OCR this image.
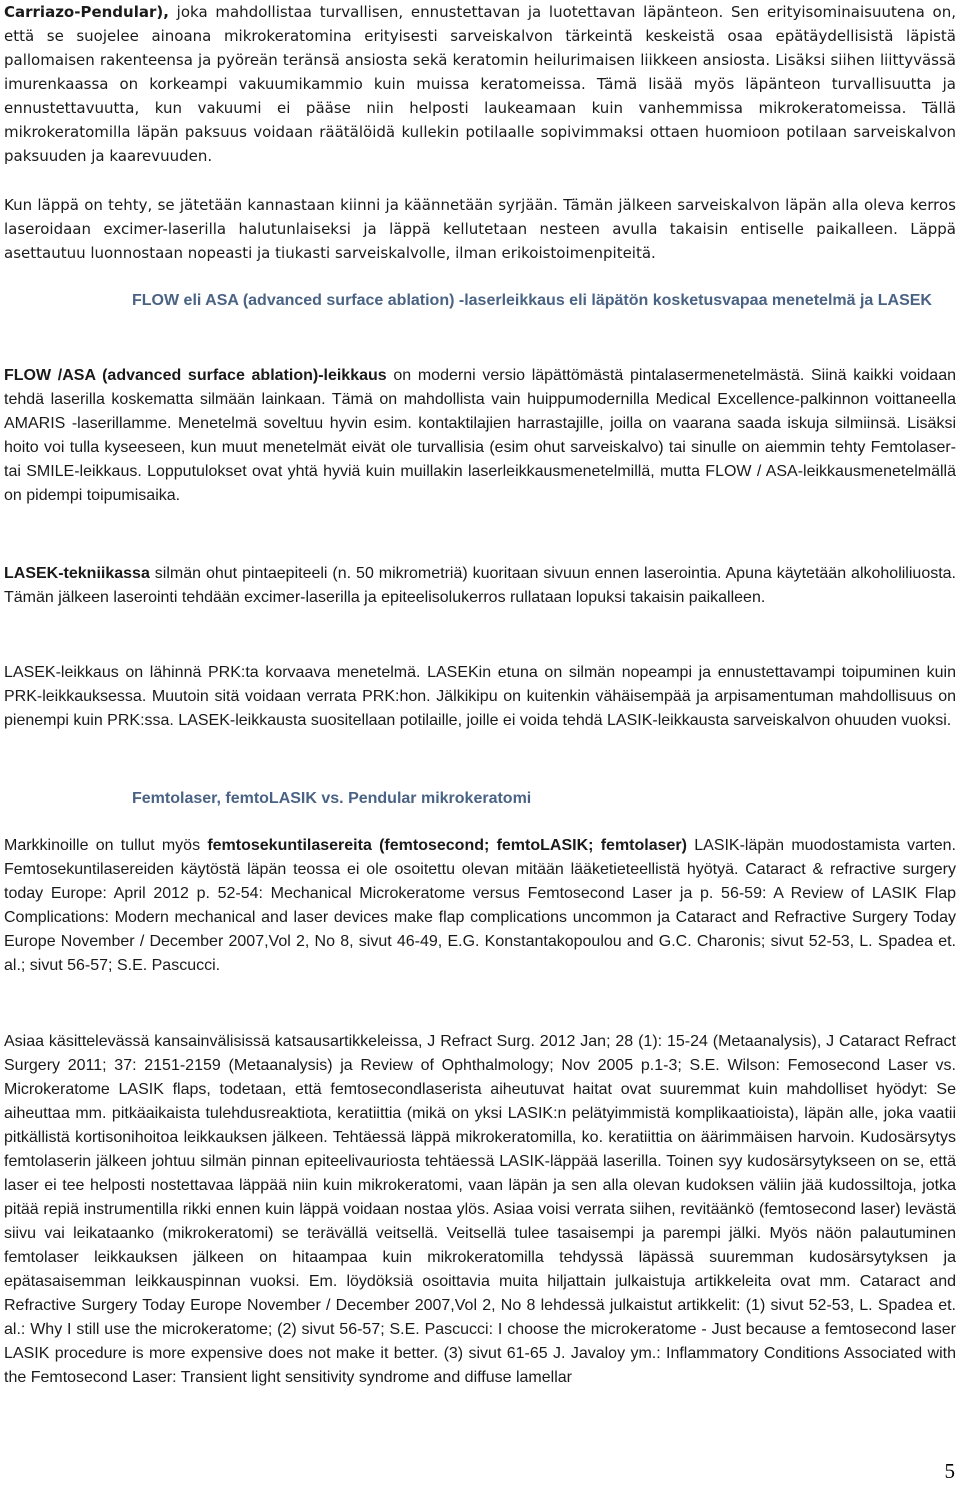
Carriazo-Pendular), joka mahdollistaa turvallisen, ennustettavan ja luotettavan läpänteon. Sen erityisominaisuutena on, että se suojelee ainoana mikrokeratomina erityisesti sarveiskalvon tärkeintä keskeistä osaa epätäydellisistä läpistä pallomaisen rakenteensa ja pyöreän teränsä ansiosta sekä keratomin heilurimaisen liikkeen ansiosta. Lisäksi siihen liittyvässä imurenkaassa on korkeampi vakuumikammio kuin muissa keratomeissa. Tämä lisää myös läpänteon turvallisuutta ja ennustettavuutta, kun vakuumi ei pääse niin helposti laukeamaan kuin vanhemmissa mikrokeratomeissa. Tällä mikrokeratomilla läpän paksuus voidaan räätälöidä kullekin potilaalle sopivimmaksi ottaen huomioon potilaan sarveiskalvon paksuuden ja kaarevuuden.

Kun läppä on tehty, se jätetään kannastaan kiinni ja käännetään syrjään. Tämän jälkeen sarveiskalvon läpän alla oleva kerros laseroidaan excimer-laserilla halutunlaiseksi ja läppä kellutetaan nesteen avulla takaisin entiselle paikalleen. Läppä asettautuu luonnostaan nopeasti ja tiukasti sarveiskalvolle, ilman erikoistoimenpiteitä.

FLOW eli ASA (advanced surface ablation) -laserleikkaus eli läpätön kosketusvapaa menetelmä ja LASEK

FLOW /ASA (advanced surface ablation)-leikkaus on moderni versio läpättömästä pintalasermenetelmästä. Siinä kaikki voidaan tehdä laserilla koskematta silmään lainkaan. Tämä on mahdollista vain huippumodernilla Medical Excellence-palkinnon voittaneella AMARIS -laserillamme. Menetelmä soveltuu hyvin esim. kontaktilajien harrastajille, joilla on vaarana saada iskuja silmiinsä. Lisäksi hoito voi tulla kyseeseen, kun muut menetelmät eivät ole turvallisia (esim ohut sarveiskalvo) tai sinulle on aiemmin tehty Femtolaser- tai SMILE-leikkaus. Lopputulokset ovat yhtä hyviä kuin muillakin laserleikkausmenetelmillä, mutta FLOW / ASA-leikkausmenetelmällä on pidempi toipumisaika.

LASEK-tekniikassa silmän ohut pintaepiteeli (n. 50 mikrometriä) kuoritaan sivuun ennen laserointia. Apuna käytetään alkoholiliuosta. Tämän jälkeen laserointi tehdään excimer-laserilla ja epiteelisolukerros rullataan lopuksi takaisin paikalleen.

LASEK-leikkaus on lähinnä PRK:ta korvaava menetelmä. LASEKin etuna on silmän nopeampi ja ennustettavampi toipuminen kuin PRK-leikkauksessa. Muutoin sitä voidaan verrata PRK:hon. Jälkikipu on kuitenkin vähäisempää ja arpisamentuman mahdollisuus on pienempi kuin PRK:ssa. LASEK-leikkausta suositellaan potilaille, joille ei voida tehdä LASIK-leikkausta sarveiskalvon ohuuden vuoksi.

Femtolaser, femtoLASIK vs. Pendular mikrokeratomi

Markkinoille on tullut myös femtosekuntilasereita (femtosecond; femtoLASIK; femtolaser) LASIK-läpän muodostamista varten. Femtosekuntilasereiden käytöstä läpän teossa ei ole osoitettu olevan mitään lääketieteellistä hyötyä. Cataract & refractive surgery today Europe: April 2012 p. 52-54: Mechanical Microkeratome versus Femtosecond Laser ja p. 56-59: A Review of LASIK Flap Complications: Modern mechanical and laser devices make flap complications uncommon ja Cataract and Refractive Surgery Today Europe November / December 2007,Vol 2, No 8, sivut 46-49, E.G. Konstantakopoulou and G.C. Charonis; sivut 52-53, L. Spadea et. al.; sivut 56-57; S.E. Pascucci.

Asiaa käsittelevässä kansainvälisissä katsausartikkeleissa, J Refract Surg. 2012 Jan; 28 (1): 15-24 (Metaanalysis), J Cataract Refract Surgery 2011; 37: 2151-2159 (Metaanalysis) ja Review of Ophthalmology; Nov 2005 p.1-3; S.E. Wilson: Femosecond Laser vs. Microkeratome LASIK flaps, todetaan, että femtosecondlaserista aiheutuvat haitat ovat suuremmat kuin mahdolliset hyödyt: Se aiheuttaa mm. pitkäaikaista tulehdusreaktiota, keratiittia (mikä on yksi LASIK:n pelätyimmistä komplikaatioista), läpän alle, joka vaatii pitkällistä kortisonihoitoa leikkauksen jälkeen. Tehtäessä läppä mikrokeratomilla, ko. keratiittia on äärimmäisen harvoin. Kudosärsytys femtolaserin jälkeen johtuu silmän pinnan epiteelivauriosta tehtäessä LASIK-läppää laserilla. Toinen syy kudosärsytykseen on se, että laser ei tee helposti nostettavaa läppää niin kuin mikrokeratomi, vaan läpän ja sen alla olevan kudoksen väliin jää kudossiltoja, jotka pitää repiä instrumentilla rikki ennen kuin läppä voidaan nostaa ylös. Asiaa voisi verrata siihen, revitäänkö (femtosecond laser) levästä siivu vai leikataanko (mikrokeratomi) se terävällä veitsellä. Veitsellä tulee tasaisempi ja parempi jälki. Myös näön palautuminen femtolaser leikkauksen jälkeen on hitaampaa kuin mikrokeratomilla tehdyssä läpässä suuremman kudosärsytyksen ja epätasaisemman leikkauspinnan vuoksi. Em. löydöksiä osoittavia muita hiljattain julkaistuja artikkeleita ovat mm. Cataract and Refractive Surgery Today Europe November / December 2007,Vol 2, No 8 lehdessä julkaistut artikkelit: (1) sivut 52-53, L. Spadea et. al.: Why I still use the microkeratome; (2) sivut 56-57; S.E. Pascucci: I choose the microkeratome - Just because a femtosecond laser LASIK procedure is more expensive does not make it better. (3) sivut 61-65 J. Javaloy ym.: Inflammatory Conditions Associated with the Femtosecond Laser: Transient light sensitivity syndrome and diffuse lamellar

5
